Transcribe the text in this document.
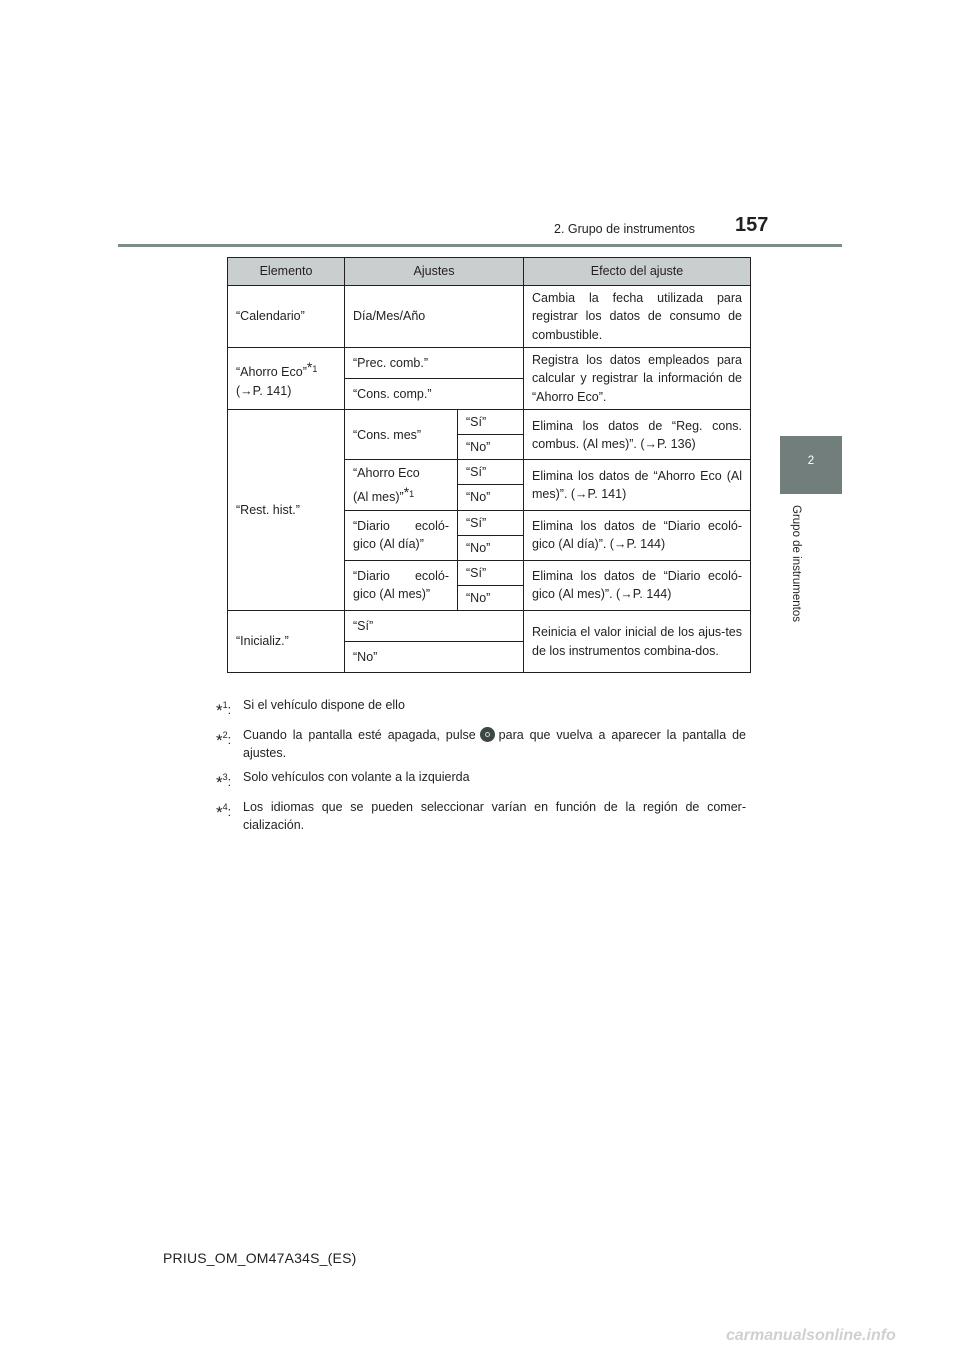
2. Grupo de instrumentos 157
2
Grupo de instrumentos
Elemento	Ajustes		Efecto del ajuste
“Calendario”	Día/Mes/Año		Cambia la fecha utilizada para registrar los datos de consumo de combustible.
“Ahorro Eco”$^{*1}$
(→P. 141)	“Prec. comb.”		Registra los datos empleados para calcular y registrar la información de “Ahorro Eco”.
	“Cons. comp.”		
“Rest. hist.”	“Cons. mes”	“Sí”	Elimina los datos de “Reg. cons. combus. (Al mes)”. (→P. 136)
		“No”	
	“Ahorro Eco
(Al mes)”$^{*1}$	“Sí”	Elimina los datos de “Ahorro Eco (Al mes)”. (→P. 141)
		“No”	
	“Diario ecoló-gico (Al día)”	“Sí”	Elimina los datos de “Diario ecoló-gico (Al día)”. (→P. 144)
		“No”	
	“Diario ecoló-gico (Al mes)”	“Sí”	Elimina los datos de “Diario ecoló-gico (Al mes)”. (→P. 144)
		“No”	
“Inicializ.”	“Sí”		Reinicia el valor inicial de los ajus-tes de los instrumentos combina-dos.
	“No”		
*$^1$: Si el vehículo dispone de ello
*$^2$: Cuando la pantalla esté apagada, pulse para que vuelva a aparecer la pantalla de ajustes.
*$^3$: Solo vehículos con volante a la izquierda
*$^4$: Los idiomas que se pueden seleccionar varían en función de la región de comer-cialización.
PRIUS_OM_OM47A34S_(ES)
carmanualsonline.info
